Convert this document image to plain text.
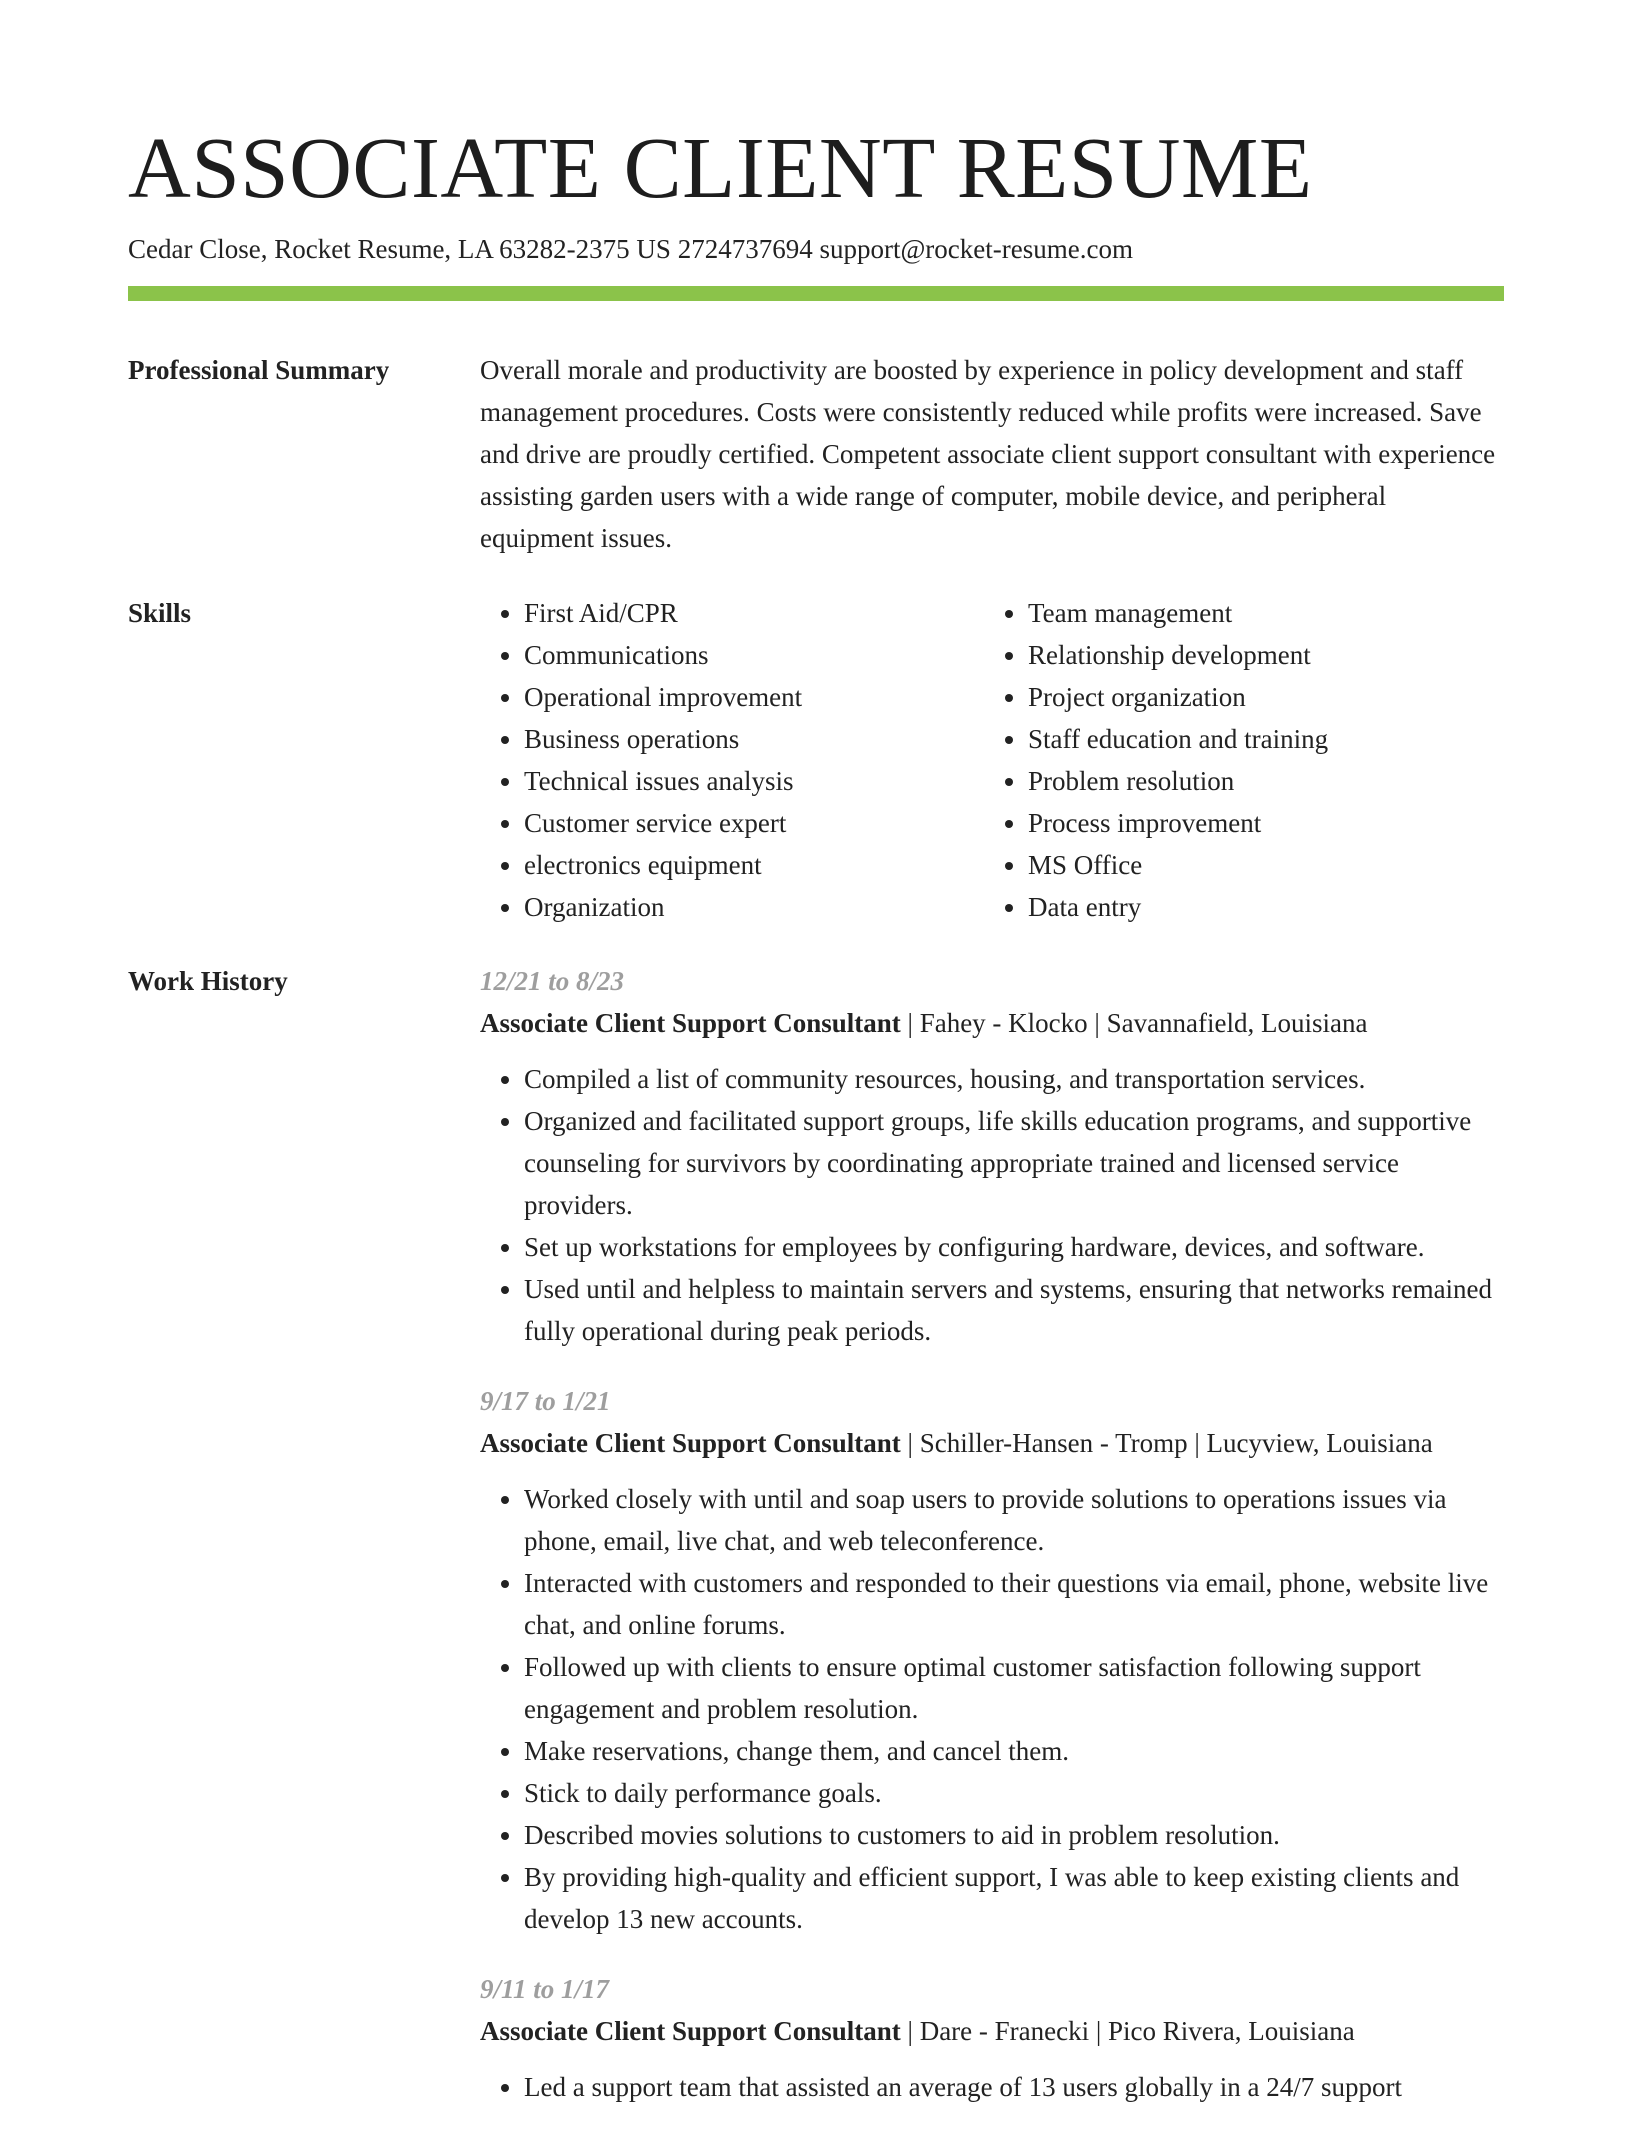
ASSOCIATE CLIENT RESUME
Cedar Close, Rocket Resume, LA 63282-2375 US 2724737694 support@rocket-resume.com
Professional Summary	Overall morale and productivity are boosted by experience in policy development and staff management procedures. Costs were consistently reduced while profits were increased. Save and drive are proudly certified. Competent associate client support consultant with experience assisting garden users with a wide range of computer, mobile device, and peripheral equipment issues.

Skills
•	First Aid/CPR
• Communications
• Operational improvement
• Business operations
• Technical issues analysis
• Customer service expert
• electronics equipment
• Organization
• Team management
• Relationship development
• Project organization
• Staff education and training
• Problem resolution
• Process improvement
• MS Office
• Data entry
Work History	12/21 to 8/23
Associate Client Support Consultant | Fahey - Klocko | Savannafield, Louisiana
• Compiled a list of community resources, housing, and transportation services.
• Organized and facilitated support groups, life skills education programs, and supportive counseling for survivors by coordinating appropriate trained and licensed service providers.
• Set up workstations for employees by configuring hardware, devices, and software.
• Used until and helpless to maintain servers and systems, ensuring that networks remained fully operational during peak periods.
9/17 to 1/21
Associate Client Support Consultant | Schiller-Hansen - Tromp | Lucyview, Louisiana
• Worked closely with until and soap users to provide solutions to operations issues via phone, email, live chat, and web teleconference.
• Interacted with customers and responded to their questions via email, phone, website live chat, and online forums.
• Followed up with clients to ensure optimal customer satisfaction following support engagement and problem resolution.
• Make reservations, change them, and cancel them.
• Stick to daily performance goals.
• Described movies solutions to customers to aid in problem resolution.
• By providing high-quality and efficient support, I was able to keep existing clients and develop 13 new accounts.
9/11 to 1/17
Associate Client Support Consultant | Dare - Franecki | Pico Rivera, Louisiana
• Led a support team that assisted an average of 13 users globally in a 24/7 support
